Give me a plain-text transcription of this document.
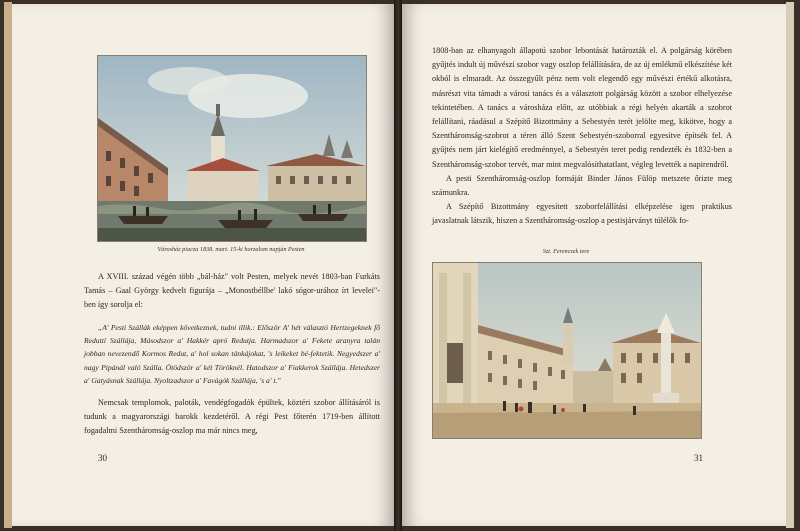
Városház piacza 1838. mart. 15-ki horzalom napján Pesten

A XVIII. század végén több „bál-ház" volt Pesten, melyek nevét 1803-ban Furkáts Tamás – Gaal György kedvelt figurája – „Monostbéllbe' lakó sógor-urához írt levelei"-ben így sorolja el:

„A' Pesti Szállák eképpen következnek, tudni illik.: Először A' hét választó Hertzegeknek fő Reduttí Szállája, Másodszor a' Hakkér apró Redutja. Harmadszor a' Fekete aranyra talán jobban nevezendő Kormos Redut, a' hol sokan tánkájokat, 's leikeket bé-fektetik. Negyedszer a' nagy Pipánál való Szálla. Ötödször a' két Töröknél. Hatodszor a' Fiakkerok Szállája. Hetedszer a' Gatyásnak Szállája. Nyoltzadszor a' Favágók Szállája, 's a' t."

Nemcsak templomok, paloták, vendégfogadók épültek, köztéri szobor állításáról is tudunk a magyarországi barokk kezdetéről. A régi Pest főterén 1719-ben állított fogadalmi Szentháromság-oszlop ma már nincs meg,

30

1808-ban az elhanyagolt állapotú szobor lebontását határozták el. A polgárság körében gyűjtés indult új művészi szobor vagy oszlop felállítására, de az új emlékmű elkészítése két okból is elmaradt. Az összegyűlt pénz nem volt elegendő egy művészi értékű alkotásra, másrészt vita támadt a városi tanács és a választott polgárság között a szobor elhelyezése tekintetében. A tanács a városháza előtt, az utóbbiak a régi helyén akarták a szobrot felállítani, ráadásul a Szépítő Bizottmány a Sebestyén terét jelölte meg, kikötve, hogy a Szentháromság-szobrot a téren álló Szent Sebestyén-szoborral egyesítve építsék fel. A gyűjtés nem járt kielégítő eredménnyel, a Sebestyén teret pedig rendezték és 1832-ben a Szentháromság-szobor tervét, mar mint megvalósíthatatlant, végleg levették a napirendről.

A pesti Szentháromság-oszlop formáját Binder János Fülöp metszete őrizte meg számunkra.

A Szépítő Bizottmány egyesített szoborfelállítási elképzelése igen praktikus javaslatnak látszik, hiszen a Szentháromság-oszlop a pestisjárványt túlélők fo-

Szt. Ferenczek tere
31
